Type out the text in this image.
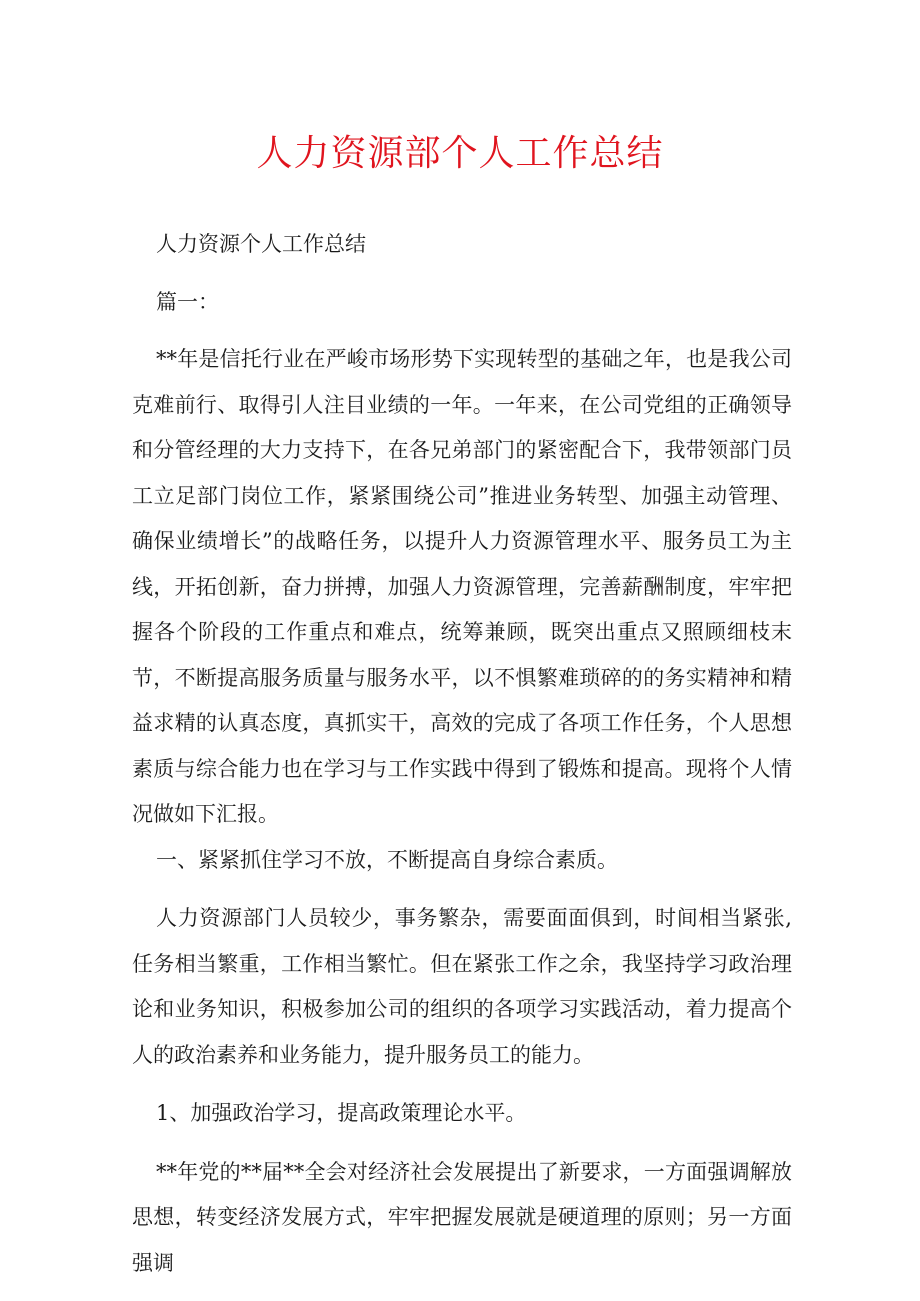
人力资源部个人工作总结

人力资源个人工作总结

篇一：

**年是信托行业在严峻市场形势下实现转型的基础之年，也是我公司克难前行、取得引人注目业绩的一年。一年来，在公司党组的正确领导和分管经理的大力支持下，在各兄弟部门的紧密配合下，我带领部门员工立足部门岗位工作，紧紧围绕公司”推进业务转型、加强主动管理、确保业绩增长”的战略任务，以提升人力资源管理水平、服务员工为主线，开拓创新，奋力拼搏，加强人力资源管理，完善薪酬制度，牢牢把握各个阶段的工作重点和难点，统筹兼顾，既突出重点又照顾细枝末节，不断提高服务质量与服务水平，以不惧繁难琐碎的的务实精神和精益求精的认真态度，真抓实干，高效的完成了各项工作任务，个人思想素质与综合能力也在学习与工作实践中得到了锻炼和提高。现将个人情况做如下汇报。

一、紧紧抓住学习不放，不断提高自身综合素质。

人力资源部门人员较少，事务繁杂，需要面面俱到，时间相当紧张,任务相当繁重，工作相当繁忙。但在紧张工作之余，我坚持学习政治理论和业务知识，积极参加公司的组织的各项学习实践活动，着力提高个人的政治素养和业务能力，提升服务员工的能力。

1、加强政治学习，提高政策理论水平。

**年党的**届**全会对经济社会发展提出了新要求，一方面强调解放思想，转变经济发展方式，牢牢把握发展就是硬道理的原则；另一方面强调
